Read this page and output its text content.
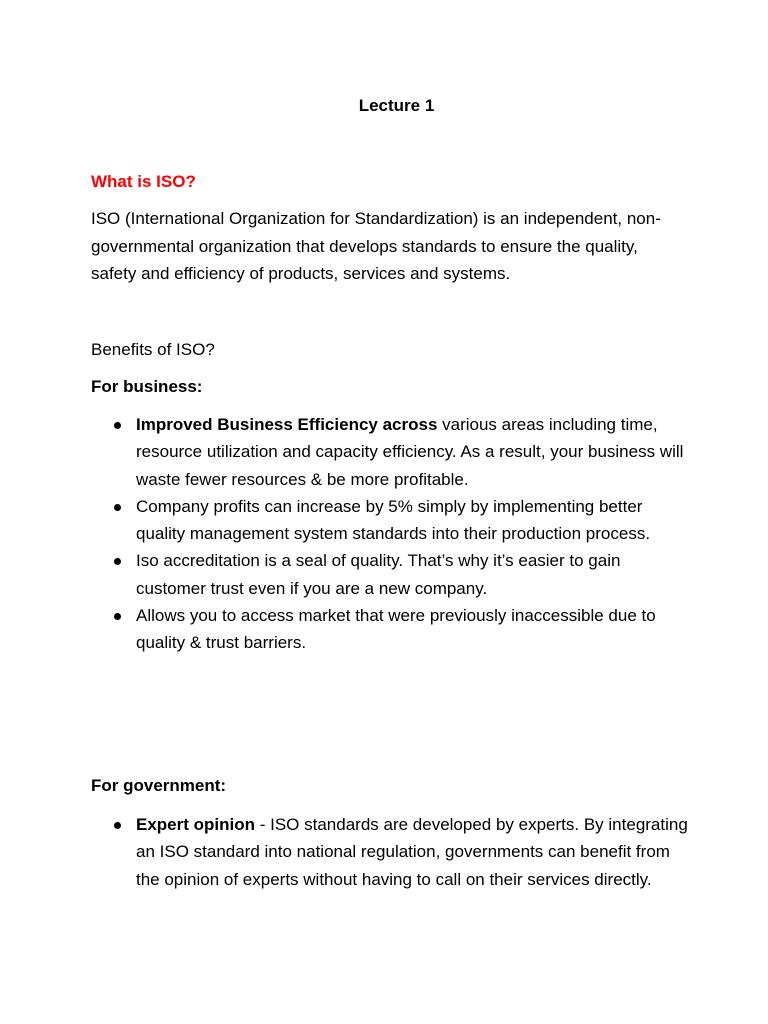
Lecture 1
What is ISO?

ISO (International Organization for Standardization) is an independent, non-governmental organization that develops standards to ensure the quality, safety and efficiency of products, services and systems.

Benefits of ISO?
For business:
Improved Business Efficiency across various areas including time, resource utilization and capacity efficiency. As a result, your business will waste fewer resources & be more profitable.
Company profits can increase by 5% simply by implementing better quality management system standards into their production process.
Iso accreditation is a seal of quality. That’s why it’s easier to gain customer trust even if you are a new company.
Allows you to access market that were previously inaccessible due to quality & trust barriers.
For government:
Expert opinion - ISO standards are developed by experts. By integrating an ISO standard into national regulation, governments can benefit from the opinion of experts without having to call on their services directly.
